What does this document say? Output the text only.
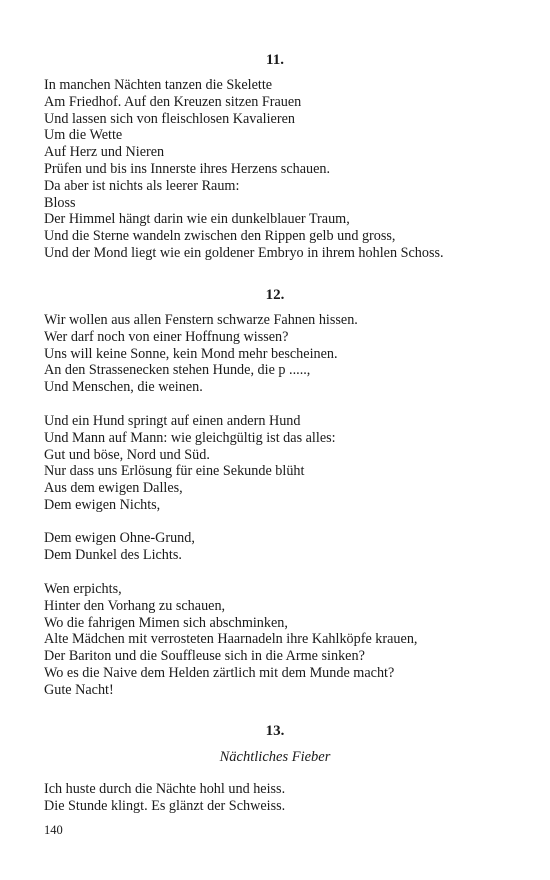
11.
In manchen Nächten tanzen die Skelette
Am Friedhof. Auf den Kreuzen sitzen Frauen
Und lassen sich von fleischlosen Kavalieren
Um die Wette
Auf Herz und Nieren
Prüfen und bis ins Innerste ihres Herzens schauen.
Da aber ist nichts als leerer Raum:
Bloss
Der Himmel hängt darin wie ein dunkelblauer Traum,
Und die Sterne wandeln zwischen den Rippen gelb und gross,
Und der Mond liegt wie ein goldener Embryo in ihrem hohlen Schoss.
12.
Wir wollen aus allen Fenstern schwarze Fahnen hissen.
Wer darf noch von einer Hoffnung wissen?
Uns will keine Sonne, kein Mond mehr bescheinen.
An den Strassenecken stehen Hunde, die p .....,
Und Menschen, die weinen.
Und ein Hund springt auf einen andern Hund
Und Mann auf Mann: wie gleichgültig ist das alles:
Gut und böse, Nord und Süd.
Nur dass uns Erlösung für eine Sekunde blüht
Aus dem ewigen Dalles,
Dem ewigen Nichts,
Dem ewigen Ohne-Grund,
Dem Dunkel des Lichts.
Wen erpichts,
Hinter den Vorhang zu schauen,
Wo die fahrigen Mimen sich abschminken,
Alte Mädchen mit verrosteten Haarnadeln ihre Kahlköpfe krauen,
Der Bariton und die Souffleuse sich in die Arme sinken?
Wo es die Naive dem Helden zärtlich mit dem Munde macht?
Gute Nacht!
13.
Nächtliches Fieber
Ich huste durch die Nächte hohl und heiss.
Die Stunde klingt. Es glänzt der Schweiss.
140
